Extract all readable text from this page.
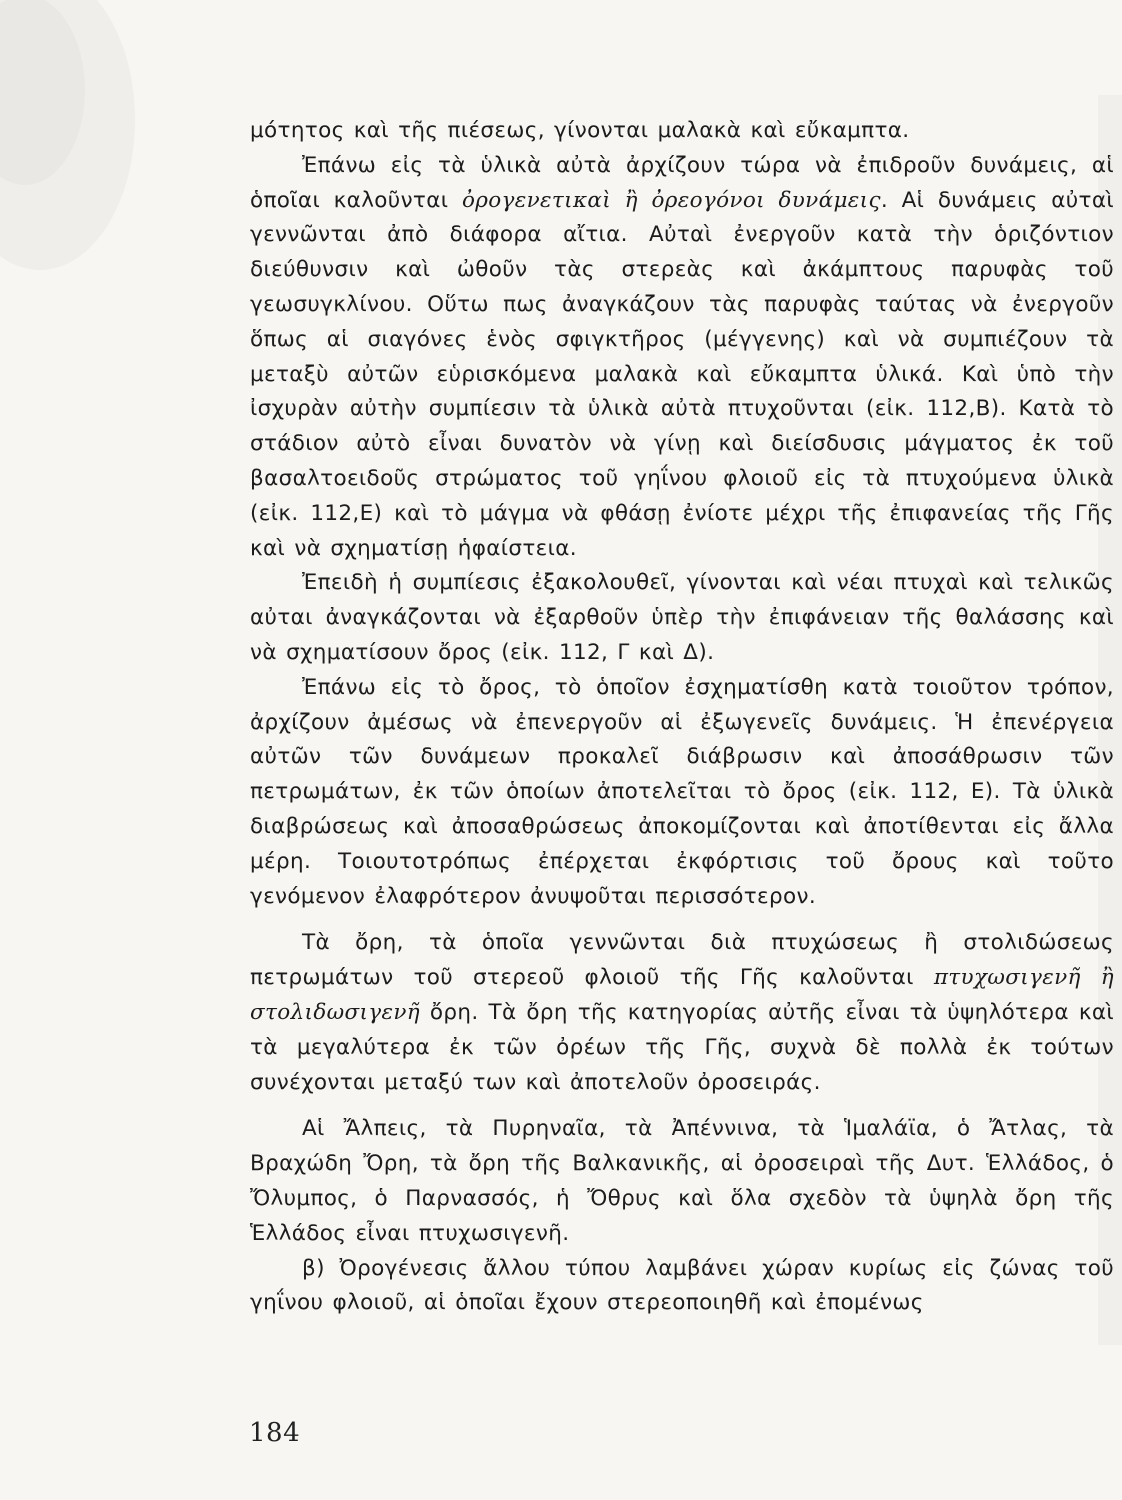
μότητος καὶ τῆς πιέσεως, γίνονται μαλακὰ καὶ εὔκαμπτα.

Ἐπάνω εἰς τὰ ὑλικὰ αὐτὰ ἀρχίζουν τώρα νὰ ἐπιδροῦν δυνάμεις, αἱ ὁποῖαι καλοῦνται ὀρογενετικαὶ ἢ ὀρεογόνοι δυνάμεις. Αἱ δυνάμεις αὐταὶ γεννῶνται ἀπὸ διάφορα αἴτια. Αὐταὶ ἐνεργοῦν κατὰ τὴν ὁριζόντιον διεύθυνσιν καὶ ὠθοῦν τὰς στερεὰς καὶ ἀκάμπτους παρυφὰς τοῦ γεωσυγκλίνου. Οὕτω πως ἀναγκάζουν τὰς παρυφὰς ταύτας νὰ ἐνεργοῦν ὅπως αἱ σιαγόνες ἑνὸς σφιγκτῆρος (μέγγενης) καὶ νὰ συμπιέζουν τὰ μεταξὺ αὐτῶν εὑρισκόμενα μαλακὰ καὶ εὔκαμπτα ὑλικά. Καὶ ὑπὸ τὴν ἰσχυρὰν αὐτὴν συμπίεσιν τὰ ὑλικὰ αὐτὰ πτυχοῦνται (εἰκ. 112,Β). Κατὰ τὸ στάδιον αὐτὸ εἶναι δυνατὸν νὰ γίνῃ καὶ διείσδυσις μάγματος ἐκ τοῦ βασαλτοειδοῦς στρώματος τοῦ γηΐνου φλοιοῦ εἰς τὰ πτυχούμενα ὑλικὰ (εἰκ. 112,Ε) καὶ τὸ μάγμα νὰ φθάσῃ ἐνίοτε μέχρι τῆς ἐπιφανείας τῆς Γῆς καὶ νὰ σχηματίσῃ ἡφαίστεια.

Ἐπειδὴ ἡ συμπίεσις ἐξακολουθεῖ, γίνονται καὶ νέαι πτυχαὶ καὶ τελικῶς αὐται ἀναγκάζονται νὰ ἐξαρθοῦν ὑπὲρ τὴν ἐπιφάνειαν τῆς θαλάσσης καὶ νὰ σχηματίσουν ὄρος (εἰκ. 112, Γ καὶ Δ).

Ἐπάνω εἰς τὸ ὄρος, τὸ ὁποῖον ἐσχηματίσθη κατὰ τοιοῦτον τρόπον, ἀρχίζουν ἀμέσως νὰ ἐπενεργοῦν αἱ ἐξωγενεῖς δυνάμεις. Ἡ ἐπενέργεια αὐτῶν τῶν δυνάμεων προκαλεῖ διάβρωσιν καὶ ἀποσάθρωσιν τῶν πετρωμάτων, ἐκ τῶν ὁποίων ἀποτελεῖται τὸ ὄρος (εἰκ. 112, Ε). Τὰ ὑλικὰ διαβρώσεως καὶ ἀποσαθρώσεως ἀποκομίζονται καὶ ἀποτίθενται εἰς ἄλλα μέρη. Τοιουτοτρόπως ἐπέρχεται ἐκφόρτισις τοῦ ὄρους καὶ τοῦτο γενόμενον ἐλαφρότερον ἀνυψοῦται περισσότερον.

Τὰ ὄρη, τὰ ὁποῖα γεννῶνται διὰ πτυχώσεως ἢ στολιδώσεως πετρωμάτων τοῦ στερεοῦ φλοιοῦ τῆς Γῆς καλοῦνται πτυχωσιγενῆ ἢ στολιδωσιγενῆ ὄρη. Τὰ ὄρη τῆς κατηγορίας αὐτῆς εἶναι τὰ ὑψηλότερα καὶ τὰ μεγαλύτερα ἐκ τῶν ὀρέων τῆς Γῆς, συχνὰ δὲ πολλὰ ἐκ τούτων συνέχονται μεταξύ των καὶ ἀποτελοῦν ὀροσειράς.

Αἱ Ἄλπεις, τὰ Πυρηναῖα, τὰ Ἀπέννινα, τὰ Ἱμαλάϊα, ὁ Ἄτλας, τὰ Βραχώδη Ὄρη, τὰ ὄρη τῆς Βαλκανικῆς, αἱ ὀροσειραὶ τῆς Δυτ. Ἑλλάδος, ὁ Ὄλυμπος, ὁ Παρνασσός, ἡ Ὄθρυς καὶ ὅλα σχεδὸν τὰ ὑψηλὰ ὄρη τῆς Ἑλλάδος εἶναι πτυχωσιγενῆ.

β) Ὀρογένεσις ἄλλου τύπου λαμβάνει χώραν κυρίως εἰς ζώνας τοῦ γηΐνου φλοιοῦ, αἱ ὁποῖαι ἔχουν στερεοποιηθῆ καὶ ἐπομένως

184
